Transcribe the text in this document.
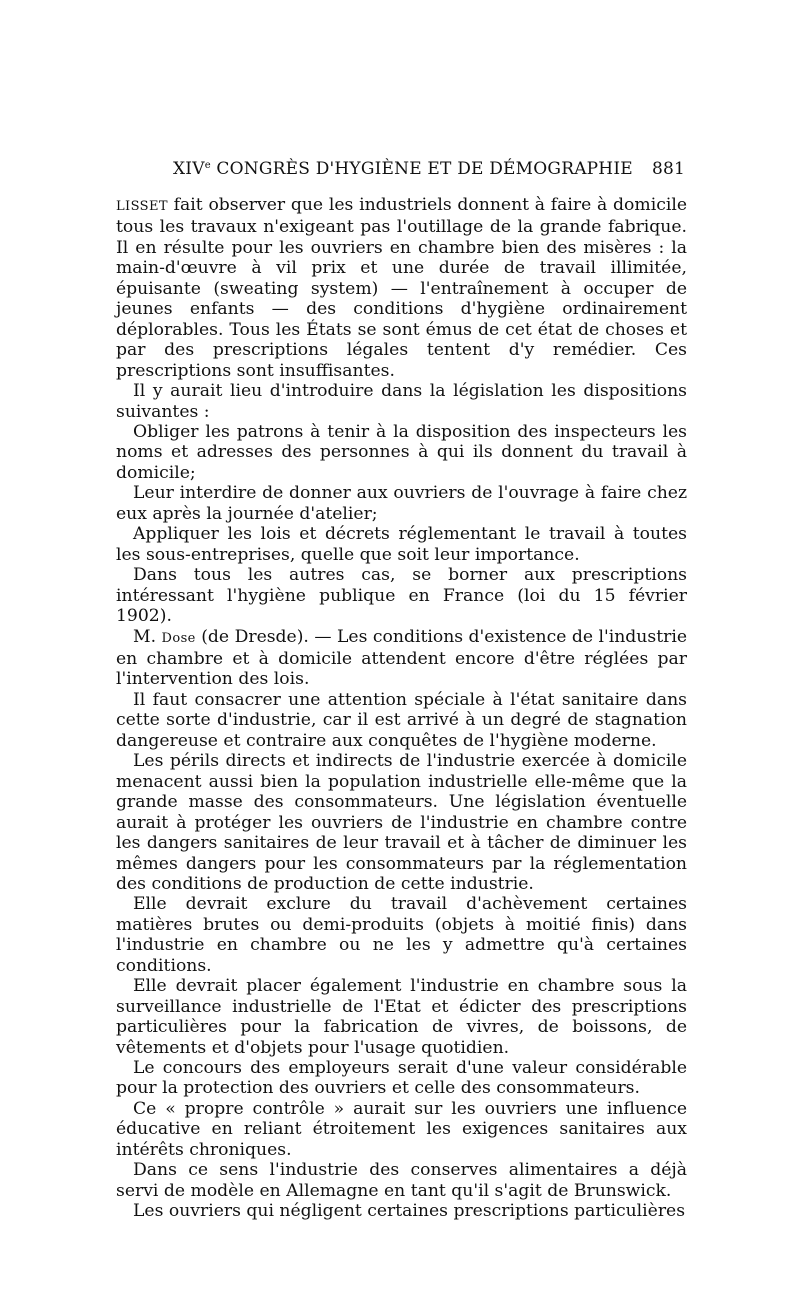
XIVe CONGRÈS D'HYGIÈNE ET DE DÉMOGRAPHIE 881

LISSET fait observer que les industriels donnent à faire à domicile tous les travaux n'exigeant pas l'outillage de la grande fabrique. Il en résulte pour les ouvriers en chambre bien des misères : la main-d'œuvre à vil prix et une durée de travail illimitée, épuisante (sweating system) — l'entraînement à occuper de jeunes enfants — des conditions d'hygiène ordinairement déplorables. Tous les États se sont émus de cet état de choses et par des prescriptions légales tentent d'y remédier. Ces prescriptions sont insuffisantes.

Il y aurait lieu d'introduire dans la législation les dispositions suivantes :

Obliger les patrons à tenir à la disposition des inspecteurs les noms et adresses des personnes à qui ils donnent du travail à domicile;

Leur interdire de donner aux ouvriers de l'ouvrage à faire chez eux après la journée d'atelier;

Appliquer les lois et décrets réglementant le travail à toutes les sous-entreprises, quelle que soit leur importance.

Dans tous les autres cas, se borner aux prescriptions intéressant l'hygiène publique en France (loi du 15 février 1902).

M. Dose (de Dresde). — Les conditions d'existence de l'industrie en chambre et à domicile attendent encore d'être réglées par l'intervention des lois.

Il faut consacrer une attention spéciale à l'état sanitaire dans cette sorte d'industrie, car il est arrivé à un degré de stagnation dangereuse et contraire aux conquêtes de l'hygiène moderne.

Les périls directs et indirects de l'industrie exercée à domicile menacent aussi bien la population industrielle elle-même que la grande masse des consommateurs. Une législation éventuelle aurait à protéger les ouvriers de l'industrie en chambre contre les dangers sanitaires de leur travail et à tâcher de diminuer les mêmes dangers pour les consommateurs par la réglementation des conditions de production de cette industrie.

Elle devrait exclure du travail d'achèvement certaines matières brutes ou demi-produits (objets à moitié finis) dans l'industrie en chambre ou ne les y admettre qu'à certaines conditions.

Elle devrait placer également l'industrie en chambre sous la surveillance industrielle de l'Etat et édicter des prescriptions particulières pour la fabrication de vivres, de boissons, de vêtements et d'objets pour l'usage quotidien.

Le concours des employeurs serait d'une valeur considérable pour la protection des ouvriers et celle des consommateurs.

Ce « propre contrôle » aurait sur les ouvriers une influence éducative en reliant étroitement les exigences sanitaires aux intérêts chroniques.

Dans ce sens l'industrie des conserves alimentaires a déjà servi de modèle en Allemagne en tant qu'il s'agit de Brunswick.

Les ouvriers qui négligent certaines prescriptions particulières
